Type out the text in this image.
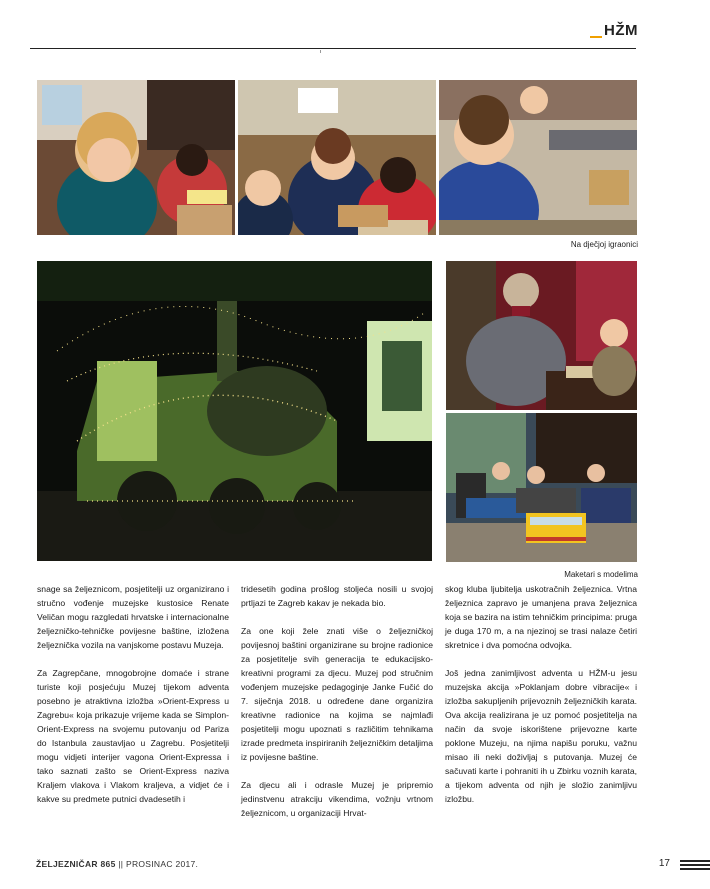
HŽM
Na dječjoj igraonici
Maketari s modelima

snage sa željeznicom, posjetitelji uz organizirano i stručno vođenje muzejske kustosice Renate Veličan mogu razgledati hrvatske i internacionalne željezničko-tehničke povijesne baštine, izložena željeznička vozila na vanjskome postavu Muzeja.

Za Zagrepčane, mnogobrojne domaće i strane turiste koji posjećuju Muzej tijekom adventa posebno je atraktivna izložba »Orient-Express u Zagrebu« koja prikazuje vrijeme kada se Simplon-Orient-Express na svojemu putovanju od Pariza do Istanbula zaustavljao u Zagrebu. Posjetitelji mogu vidjeti interijer vagona Orient-Expressa i tako saznati zašto se Orient-Express naziva Kraljem vlakova i Vlakom kraljeva, a vidjet će i kakve su predmete putnici dvadesetih i

tridesetih godina prošlog stoljeća nosili u svojoj prtljazi te Zagreb kakav je nekada bio.

Za one koji žele znati više o željezničkoj povijesnoj baštini organizirane su brojne radionice za posjetitelje svih generacija te edukacijsko-kreativni programi za djecu. Muzej pod stručnim vođenjem muzejske pedagoginje Janke Fučić do 7. siječnja 2018. u određene dane organizira kreativne radionice na kojima se najmlađi posjetitelji mogu upoznati s različitim tehnikama izrade predmeta inspiriranih željezničkim detaljima iz povijesne baštine.

Za djecu ali i odrasle Muzej je pripremio jedinstvenu atrakciju vikendima, vožnju vrtnom željeznicom, u organizaciji Hrvat-

skog kluba ljubitelja uskotračnih željeznica. Vrtna željeznica zapravo je umanjena prava željeznica koja se bazira na istim tehničkim principima: pruga je duga 170 m, a na njezinoj se trasi nalaze četiri skretnice i dva pomoćna odvojka.

Još jedna zanimljivost adventa u HŽM-u jesu muzejska akcija »Poklanjam dobre vibracije« i izložba sakupljenih prijevoznih željezničkih karata. Ova akcija realizirana je uz pomoć posjetitelja na način da svoje iskorištene prijevozne karte poklone Muzeju, na njima napišu poruku, važnu misao ili neki doživljaj s putovanja. Muzej će sačuvati karte i pohraniti ih u Zbirku voznih karata, a tijekom adventa od njih je složio zanimljivu izložbu.

ŽELJEZNIČAR 865 || PROSINAC 2017.	17
